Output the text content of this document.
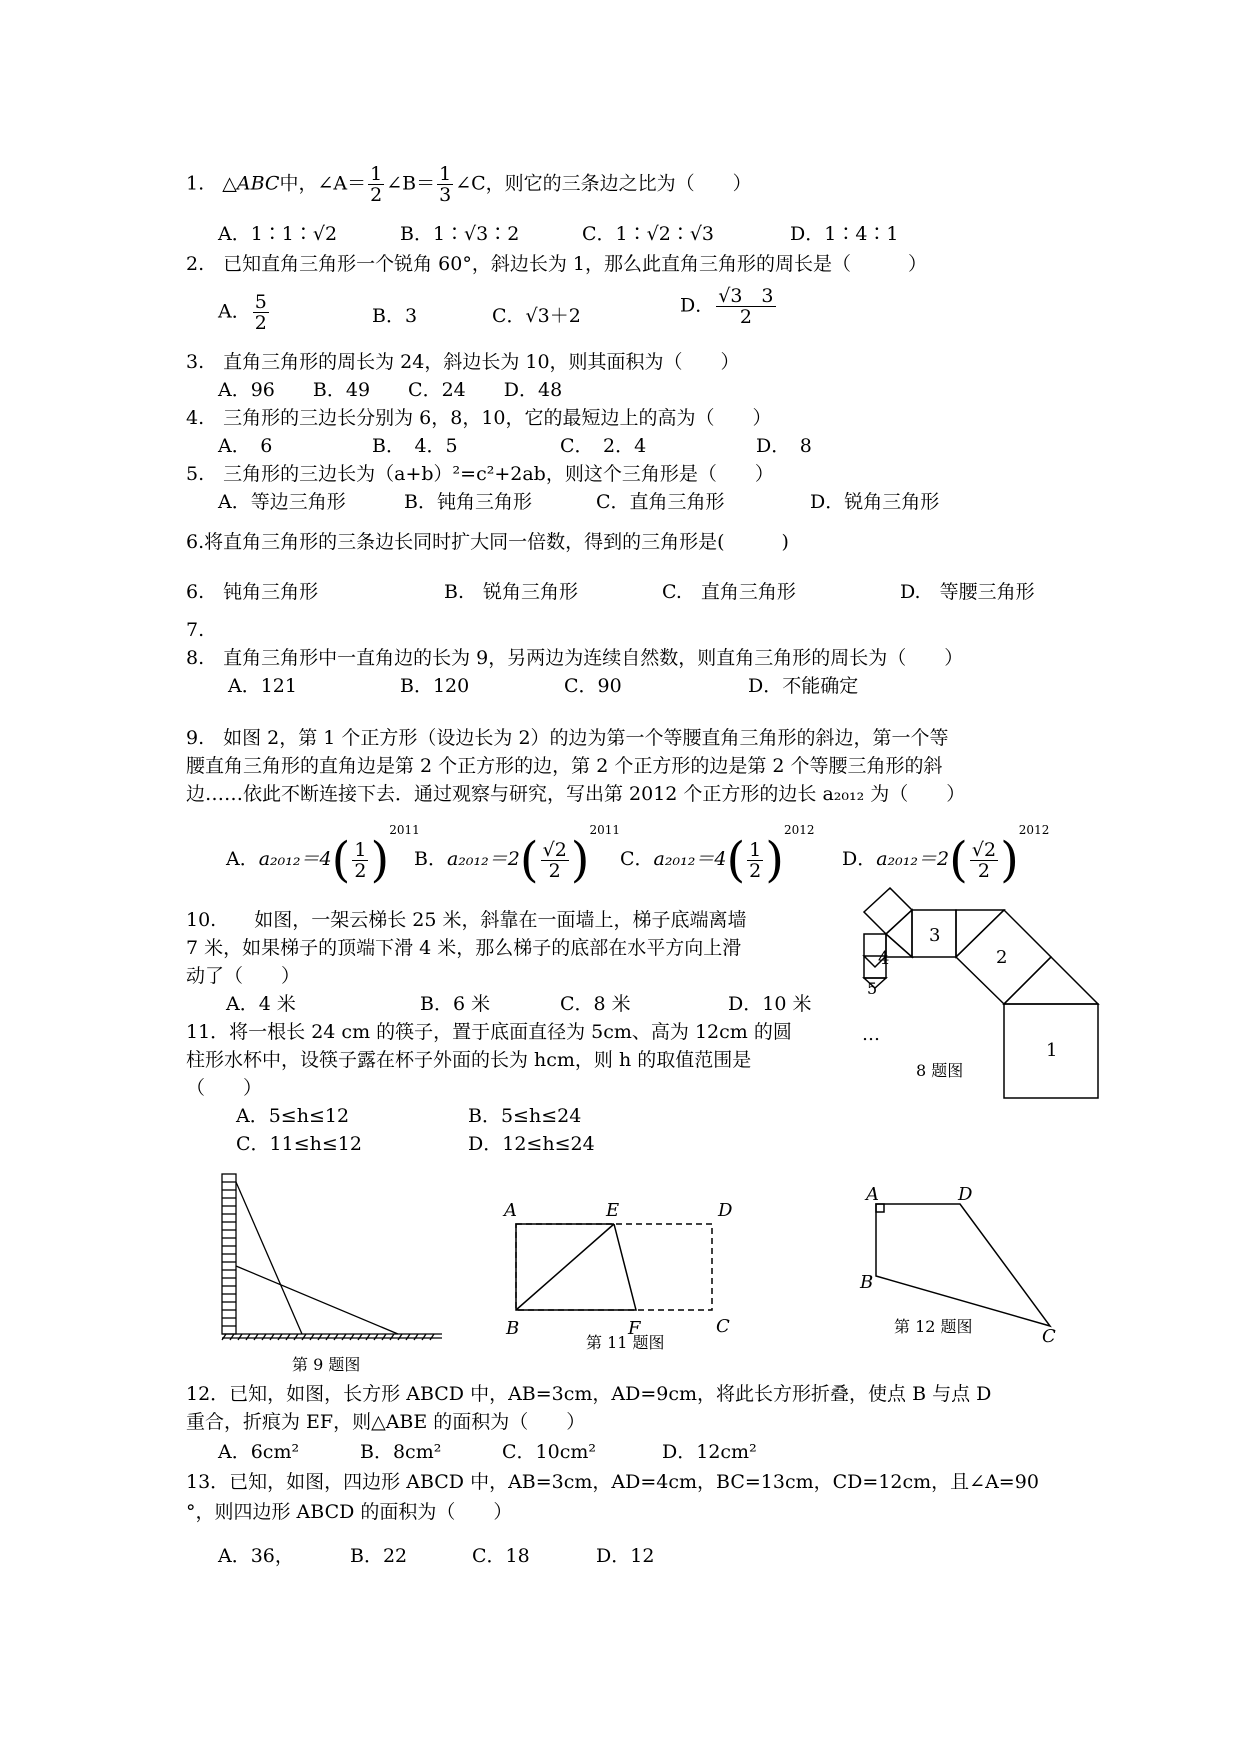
1. △ABC中，∠A＝ $\frac{1}{2}$ ∠B＝ $\frac{1}{3}$ ∠C，则它的三条边之比为（　　）
A．1∶1∶√2	B．1∶√3∶2	C．1∶√2∶√3	D．1∶4∶1
2.　已知直角三角形一个锐角 60°，斜边长为 1，那么此直角三角形的周长是（　　　）
A． $\frac{5}{2}$	B．3	C．√3＋2	D． $\frac{√3 3}{2}$
3.　直角三角形的周长为 24，斜边长为 10，则其面积为（　　）
A．96　　B．49　　C．24　　D．48
4.　三角形的三边长分别为 6，8，10，它的最短边上的高为（　　）
A．　6	B．　4．5	C．　2．4	D．　8
5.　三角形的三边长为（a+b）²=c²+2ab，则这个三角形是（　　）
A．等边三角形	B．钝角三角形	C．直角三角形	D．锐角三角形
6.将直角三角形的三条边长同时扩大同一倍数，得到的三角形是(　　　)
6.　钝角三角形	B.　锐角三角形	C.　直角三角形	D.　等腰三角形
7.
8.　直角三角形中一直角边的长为 9，另两边为连续自然数，则直角三角形的周长为（　　）
A．121	B．120	C．90	D．不能确定
9.　如图 2，第 1 个正方形（设边长为 2）的边为第一个等腰直角三角形的斜边，第一个等
腰直角三角形的直角边是第 2 个正方形的边，第 2 个正方形的边是第 2 个等腰三角形的斜
边……依此不断连接下去．通过观察与研究，写出第 2012 个正方形的边长 a₂₀₁₂ 为（　　）
A．$a_{2012}=4( \frac{1}{2} )^{2011}$
B．$a_{2012}=2( \frac{√2}{2} )^{2011}$
C．$a_{2012}=4( \frac{1}{2} )^{2012}$
D．$a_{2012}=2( \frac{√2}{2} )^{2012}$
10.　　如图，一架云梯长 25 米，斜靠在一面墙上，梯子底端离墙
7 米，如果梯子的顶端下滑 4 米，那么梯子的底部在水平方向上滑
动了（　　）
A．4 米	B．6 米	C．8 米	D．10 米
11．将一根长 24 cm 的筷子，置于底面直径为 5cm、高为 12cm 的圆
柱形水杯中，设筷子露在杯子外面的长为 hcm，则 h 的取值范围是
（　　）
A．5≤h≤12	B．5≤h≤24
C．11≤h≤12	D．12≤h≤24
1
2
3
4
5
…
8 题图
第 9 题图
A	E	D
B	F	C
第 11 题图
A	D
B
C
第 12 题图
12．已知，如图，长方形 ABCD 中，AB=3cm，AD=9cm，将此长方形折叠，使点 B 与点 D
重合，折痕为 EF，则△ABE 的面积为（　　）
A．6cm²	B．8cm²	C．10cm²	D．12cm²
13．已知，如图，四边形 ABCD 中，AB=3cm，AD=4cm，BC=13cm，CD=12cm，且∠A=90
°，则四边形 ABCD 的面积为（　　）
A．36，	B．22	C．18	D．12
